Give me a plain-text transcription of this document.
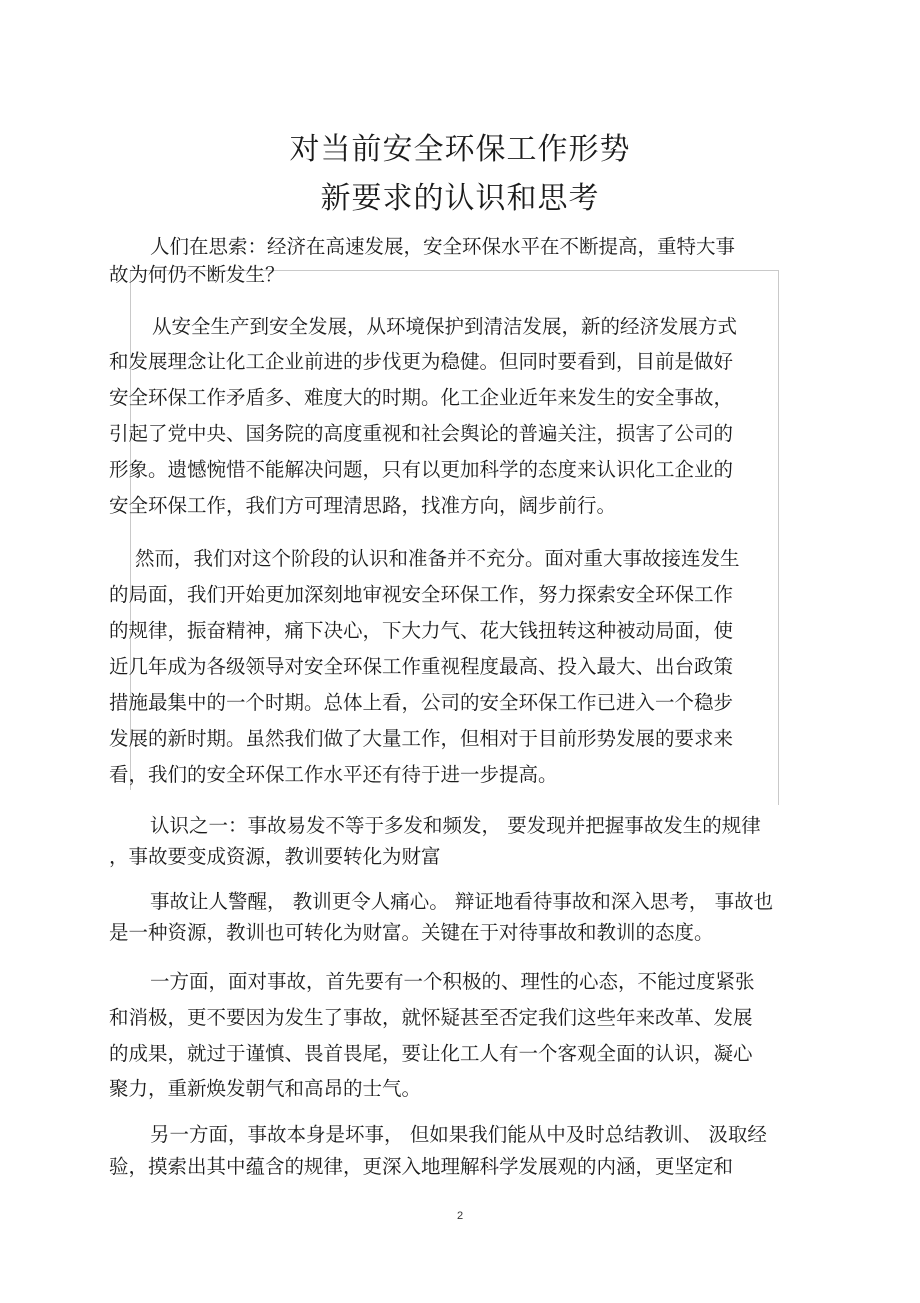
对当前安全环保工作形势
新要求的认识和思考
人们在思索：经济在高速发展，安全环保水平在不断提高，重特大事
故为何仍不断发生？
从安全生产到安全发展，从环境保护到清洁发展，新的经济发展方式
和发展理念让化工企业前进的步伐更为稳健。但同时要看到，目前是做好
安全环保工作矛盾多、难度大的时期。化工企业近年来发生的安全事故，
引起了党中央、国务院的高度重视和社会舆论的普遍关注，损害了公司的
形象。遗憾惋惜不能解决问题，只有以更加科学的态度来认识化工企业的
安全环保工作，我们方可理清思路，找准方向，阔步前行。
然而，我们对这个阶段的认识和准备并不充分。面对重大事故接连发生
的局面，我们开始更加深刻地审视安全环保工作，努力探索安全环保工作
的规律，振奋精神，痛下决心，下大力气、花大钱扭转这种被动局面，使
近几年成为各级领导对安全环保工作重视程度最高、投入最大、出台政策
措施最集中的一个时期。总体上看，公司的安全环保工作已进入一个稳步
发展的新时期。虽然我们做了大量工作，但相对于目前形势发展的要求来
看，我们的安全环保工作水平还有待于进一步提高。
认识之一：事故易发不等于多发和频发， 要发现并把握事故发生的规律
，事故要变成资源，教训要转化为财富
事故让人警醒， 教训更令人痛心。 辩证地看待事故和深入思考， 事故也
是一种资源，教训也可转化为财富。关键在于对待事故和教训的态度。
一方面，面对事故，首先要有一个积极的、理性的心态，不能过度紧张
和消极，更不要因为发生了事故，就怀疑甚至否定我们这些年来改革、发展
的成果，就过于谨慎、畏首畏尾，要让化工人有一个客观全面的认识，凝心
聚力，重新焕发朝气和高昂的士气。
另一方面，事故本身是坏事， 但如果我们能从中及时总结教训、 汲取经
验，摸索出其中蕴含的规律，更深入地理解科学发展观的内涵，更坚定和
2
